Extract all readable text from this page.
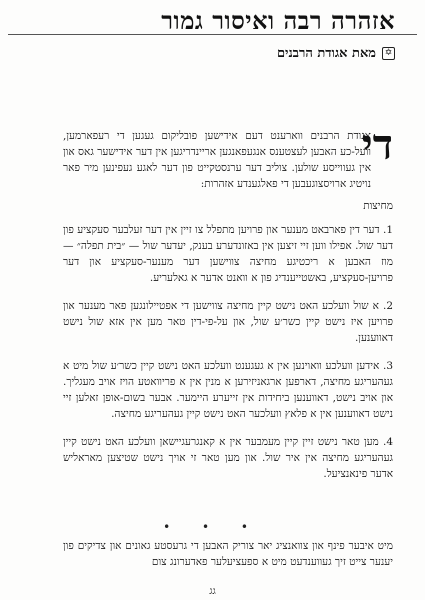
אזהרה רבה ואיסור גמור
✡
מאת אגודת הרבנים
די

אגודת הרבנים ווארענט דעם אידישען פובליקום געגען די רעפארמען, וועל-כע האבען לעצטענס אנגעפאנגען אריינדריגען אין דער אידישער גאס און אין געווייסע שולען. צוליב דער ערנסטקייט פון דער לאגע געפינען מיר פאר נויטיג ארויסצוגעבען די פאלגענדע אזהרות:

מחיצות

1. דער דין פארבאט מענער און פרויען מתפלל צו זיין אין דער זעלבער סעקציע פון דער שול. אפילו ווען זיי זיצען אין באזונדערע בענק, יעדער שול — ״בית תפלה״ — מוז האבען א ריכטיגע מחיצה צווישען דער מענער-סעקציע און דער פרויען-סעקציע, באשטייענדיג פון א וואנט אדער א גאלעריע.

2. א שול וועלכע האט נישט קיין מחיצה צווישען די אפטיילונגען פאר מענער און פרויען איז נישט קיין כשר׳ע שול, און על-פי-דין טאר מען אין אזא שול נישט דאווענען.

3. אידען וועלכע וואוינען אין א געגענט וועלכע האט נישט קיין כשר׳ע שול מיט א געהעריגע מחיצה, דארפען ארגאניזירען א מנין אין א פריוואטע הויז אויב מעגליך. און אויב נישט, דאווענען ביחידות אין זייערע היימער. אבער בשום-אופן זאלען זיי נישט דאווענען אין א פלאץ וועלכער האט נישט קיין געהעריגע מחיצה.

4. מען טאר נישט זיין קיין מעמבער אין א קאנגרעגיישאן וועלכע האט נישט קיין געהעריגע מחיצה אין איר שול. און מען טאר זי אויך נישט שטיצען מאראליש אדער פינאנציעל.

• • •
מיט איבער פינף און צוואנציג יאר צוריק האבען די גרעסטע גאונים און צדיקים פון יענער צייט זיך געווענדעט מיט א ספעציעלער פאדערונג צום
גג
